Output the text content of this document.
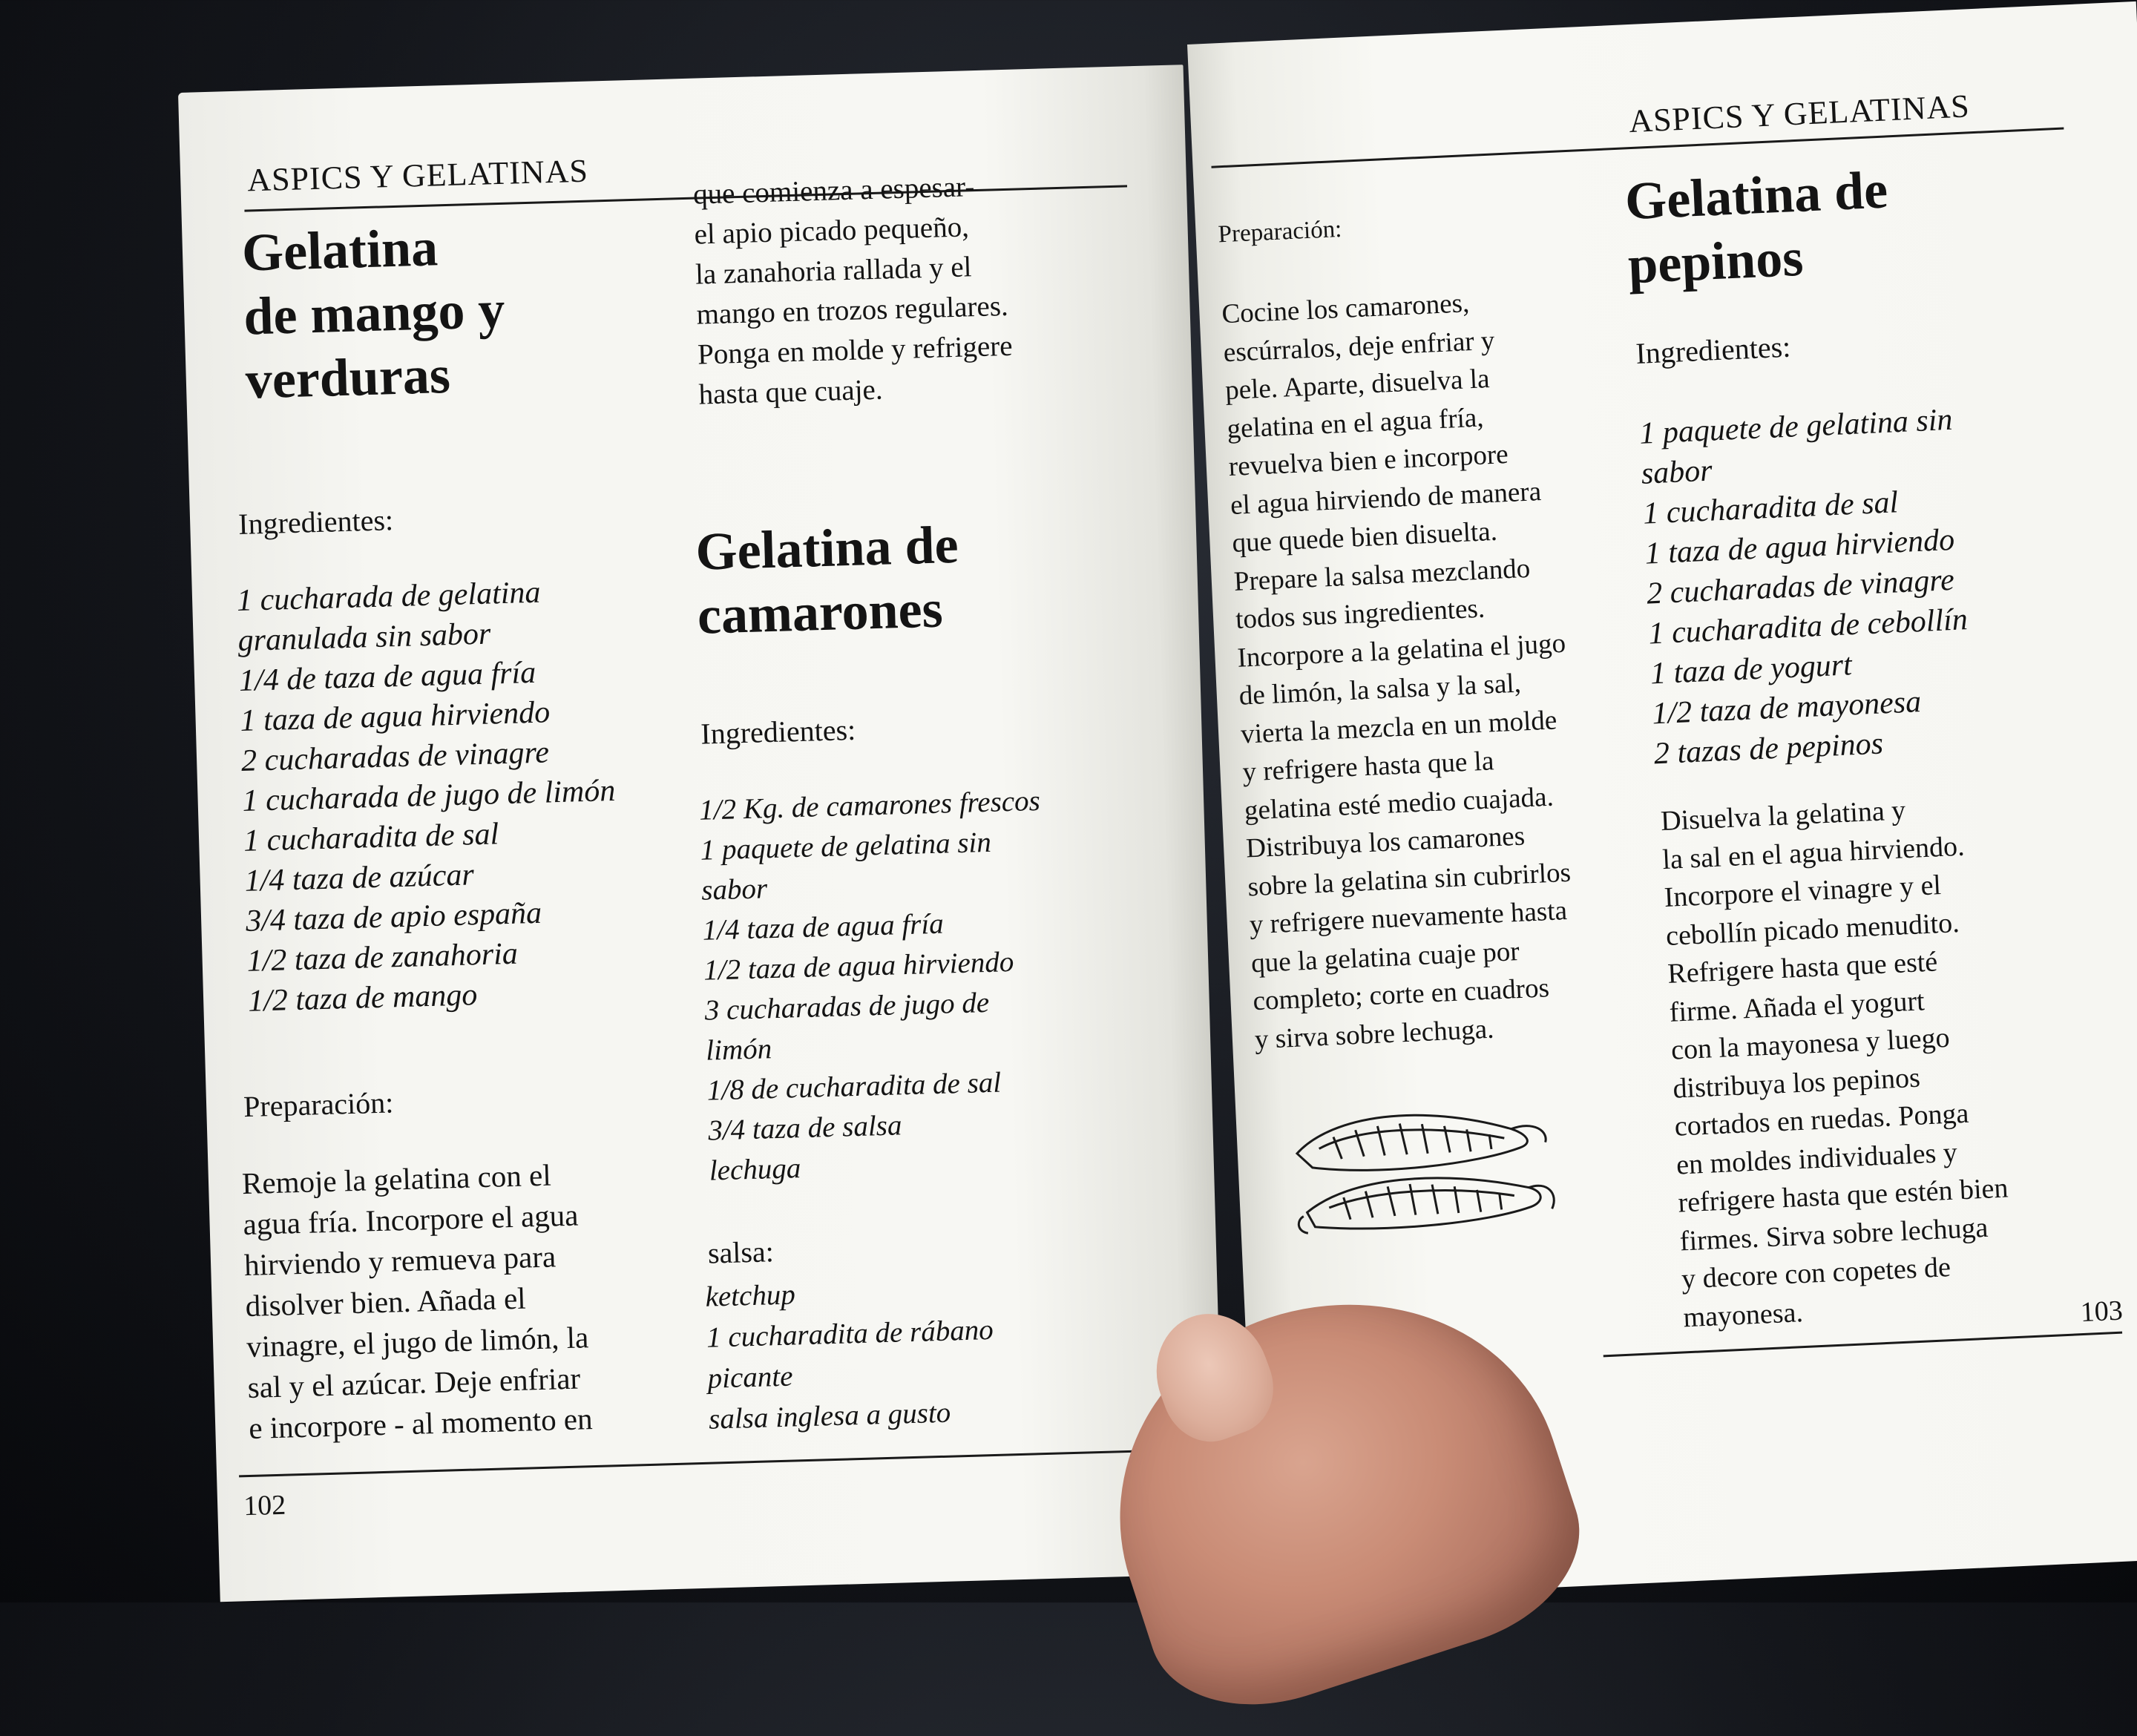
ASPICS Y GELATINAS
Gelatina
de mango y
verduras
Ingredientes:
1 cucharada de gelatina
granulada sin sabor
1/4 de taza de agua fría
1 taza de agua hirviendo
2 cucharadas de vinagre
1 cucharada de jugo de limón
1 cucharadita de sal
1/4 taza de azúcar
3/4 taza de apio españa
1/2 taza de zanahoria
1/2 taza de mango
Preparación:
Remoje la gelatina con el
agua fría. Incorpore el agua
hirviendo y remueva para
disolver bien. Añada el
vinagre, el jugo de limón, la
sal y el azúcar. Deje enfriar
e incorpore - al momento en
que comienza a espesar-
el apio picado pequeño,
la zanahoria rallada y el
mango en trozos regulares.
Ponga en molde y refrigere
hasta que cuaje.
Gelatina de
camarones
Ingredientes:
1/2 Kg. de camarones frescos
1 paquete de gelatina sin
sabor
1/4 taza de agua fría
1/2 taza de agua hirviendo
3 cucharadas de jugo de
limón
1/8 de cucharadita de sal
3/4 taza de salsa
lechuga
salsa:
ketchup
1 cucharadita de rábano
picante
salsa inglesa a gusto
102
ASPICS Y GELATINAS
Preparación:
Cocine los camarones,
escúrralos, deje enfriar y
pele. Aparte, disuelva la
gelatina en el agua fría,
revuelva bien e incorpore
el agua hirviendo de manera
que quede bien disuelta.
Prepare la salsa mezclando
todos sus ingredientes.
Incorpore a la gelatina el jugo
de limón, la salsa y la sal,
vierta la mezcla en un molde
y refrigere hasta que la
gelatina esté medio cuajada.
Distribuya los camarones
sobre la gelatina sin cubrirlos
y refrigere nuevamente hasta
que la gelatina cuaje por
completo; corte en cuadros
y sirva sobre lechuga.
Gelatina de
pepinos
Ingredientes:
1 paquete de gelatina sin
sabor
1 cucharadita de sal
1 taza de agua hirviendo
2 cucharadas de vinagre
1 cucharadita de cebollín
1 taza de yogurt
1/2 taza de mayonesa
2 tazas de pepinos
Disuelva la gelatina y
la sal en el agua hirviendo.
Incorpore el vinagre y el
cebollín picado menudito.
Refrigere hasta que esté
firme. Añada el yogurt
con la mayonesa y luego
distribuya los pepinos
cortados en ruedas. Ponga
en moldes individuales y
refrigere hasta que estén bien
firmes. Sirva sobre lechuga
y decore con copetes de
mayonesa.	103
